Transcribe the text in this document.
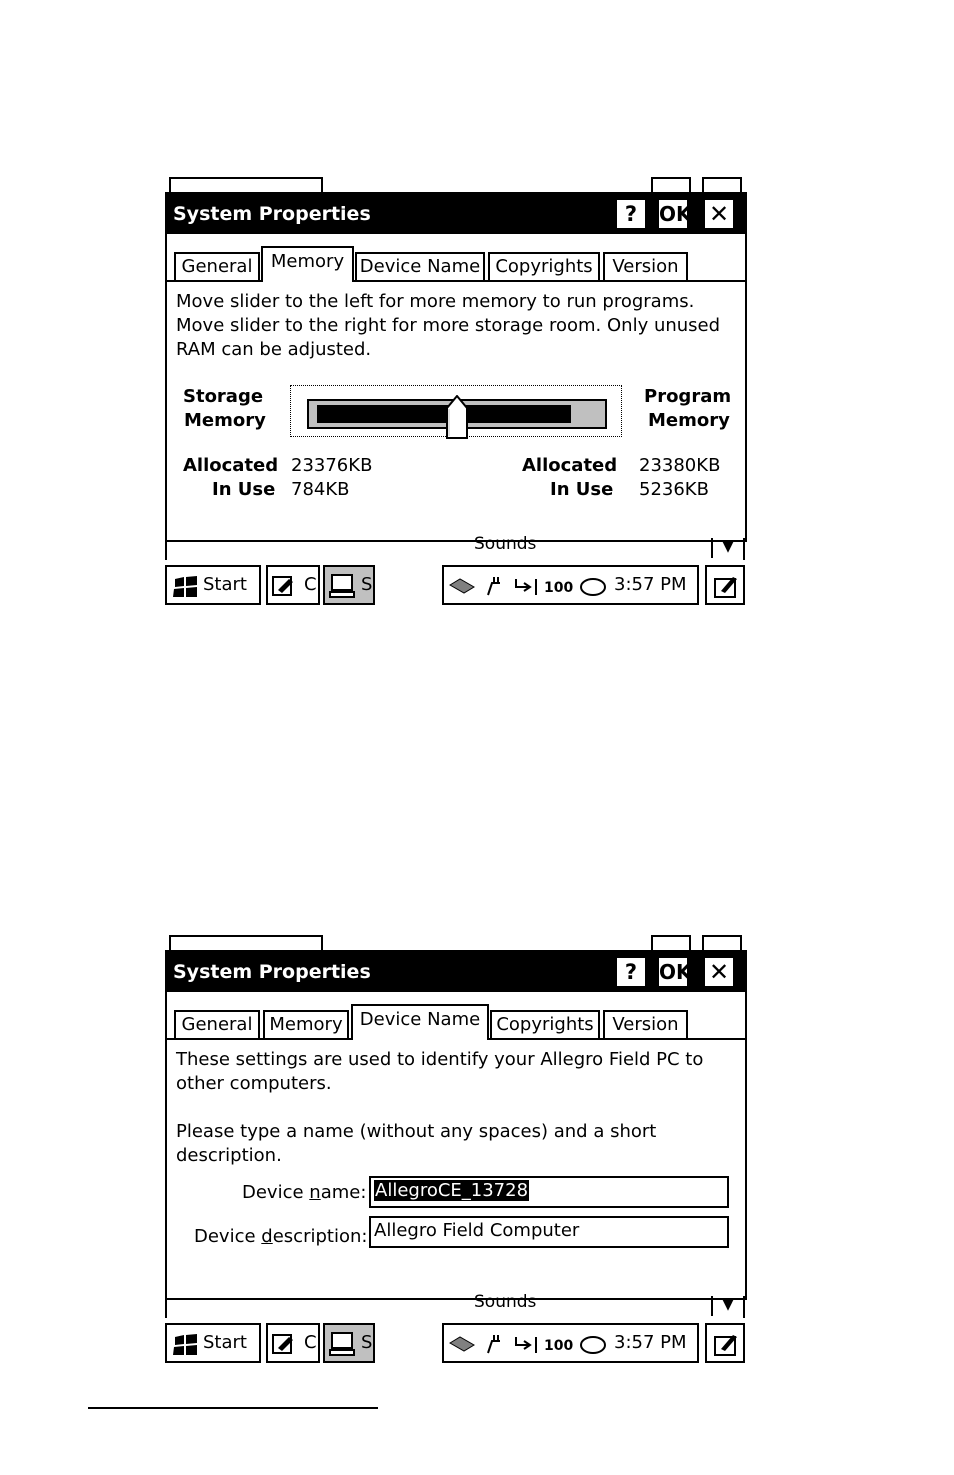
System Properties	?	OK ✕
General	Memory Device Name Copyrights	Version

Move slider to the left for more memory to run programs. Move slider to the right for more storage room. Only unused RAM can be adjusted.

Storage
Memory
Program
Memory
Allocated 23376KB
In Use 784KB
Allocated 23380KB
In Use 5236KB
Sounds	▼
Start	C S	100 3:57 PM
System Properties	?	OK ✕
General Memory Device Name Copyrights	Version

These settings are used to identify your Allegro Field PC to other computers.

Please type a name (without any spaces) and a short description.

Device name: AllegroCE_13728
Device description: Allegro Field Computer
Sounds	▼
Start	C S	100 3:57 PM
